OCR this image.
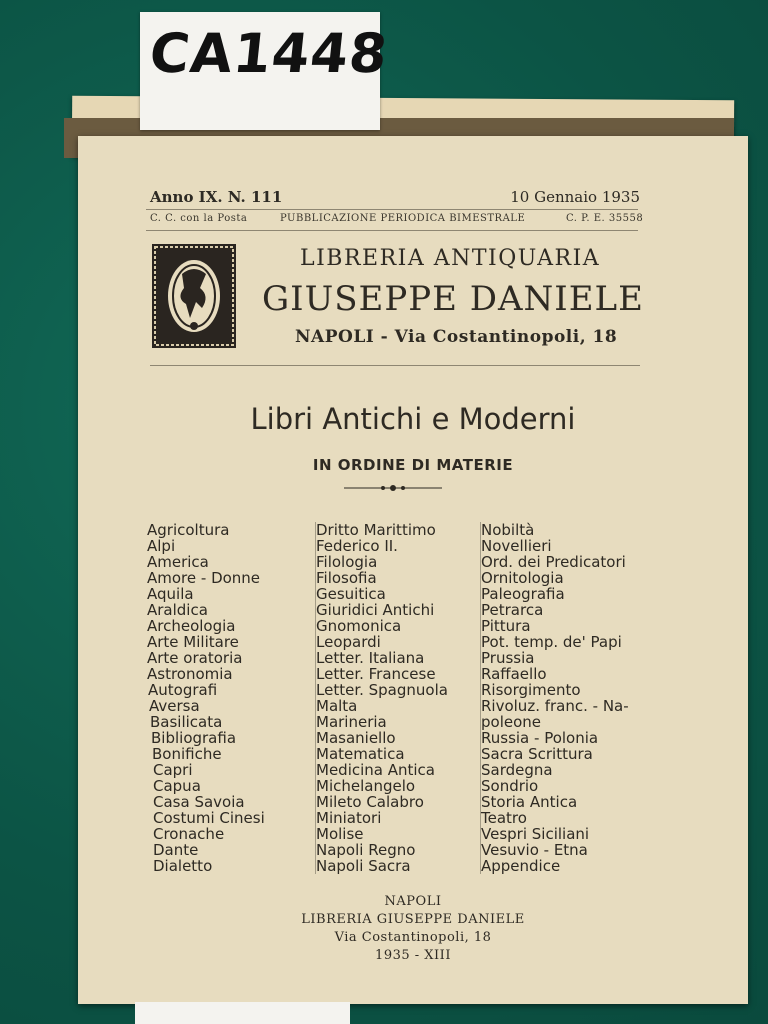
Anno IX. N. 111	10 Gennaio 1935
C. C. con la Posta	PUBBLICAZIONE PERIODICA BIMESTRALE	C. P. E. 35558
LIBRERIA ANTIQUARIA
GIUSEPPE DANIELE
NAPOLI - Via Costantinopoli, 18
Libri Antichi e Moderni
IN ORDINE DI MATERIE
Agricoltura
Alpi
America
Amore - Donne
Aquila
Araldica
Archeologia
Arte Militare
Arte oratoria
Astronomia
Autografi
Aversa
Basilicata
Bibliografia
Bonifiche
Capri
Capua
Casa Savoia
Costumi Cinesi
Cronache
Dante
Dialetto
Dritto Marittimo
Federico II.
Filologia
Filosofia
Gesuitica
Giuridici Antichi
Gnomonica
Leopardi
Letter. Italiana
Letter. Francese
Letter. Spagnuola
Malta
Marineria
Masaniello
Matematica
Medicina Antica
Michelangelo
Mileto Calabro
Miniatori
Molise
Napoli Regno
Napoli Sacra
Nobiltà
Novellieri
Ord. dei Predicatori
Ornitologia
Paleografia
Petrarca
Pittura
Pot. temp. de' Papi
Prussia
Raffaello
Risorgimento
Rivoluz. franc. - Na-
poleone
Russia - Polonia
Sacra Scrittura
Sardegna
Sondrio
Storia Antica
Teatro
Vespri Siciliani
Vesuvio - Etna
Appendice
NAPOLI
LIBRERIA GIUSEPPE DANIELE
Via Costantinopoli, 18
1935 - XIII
CA1448
